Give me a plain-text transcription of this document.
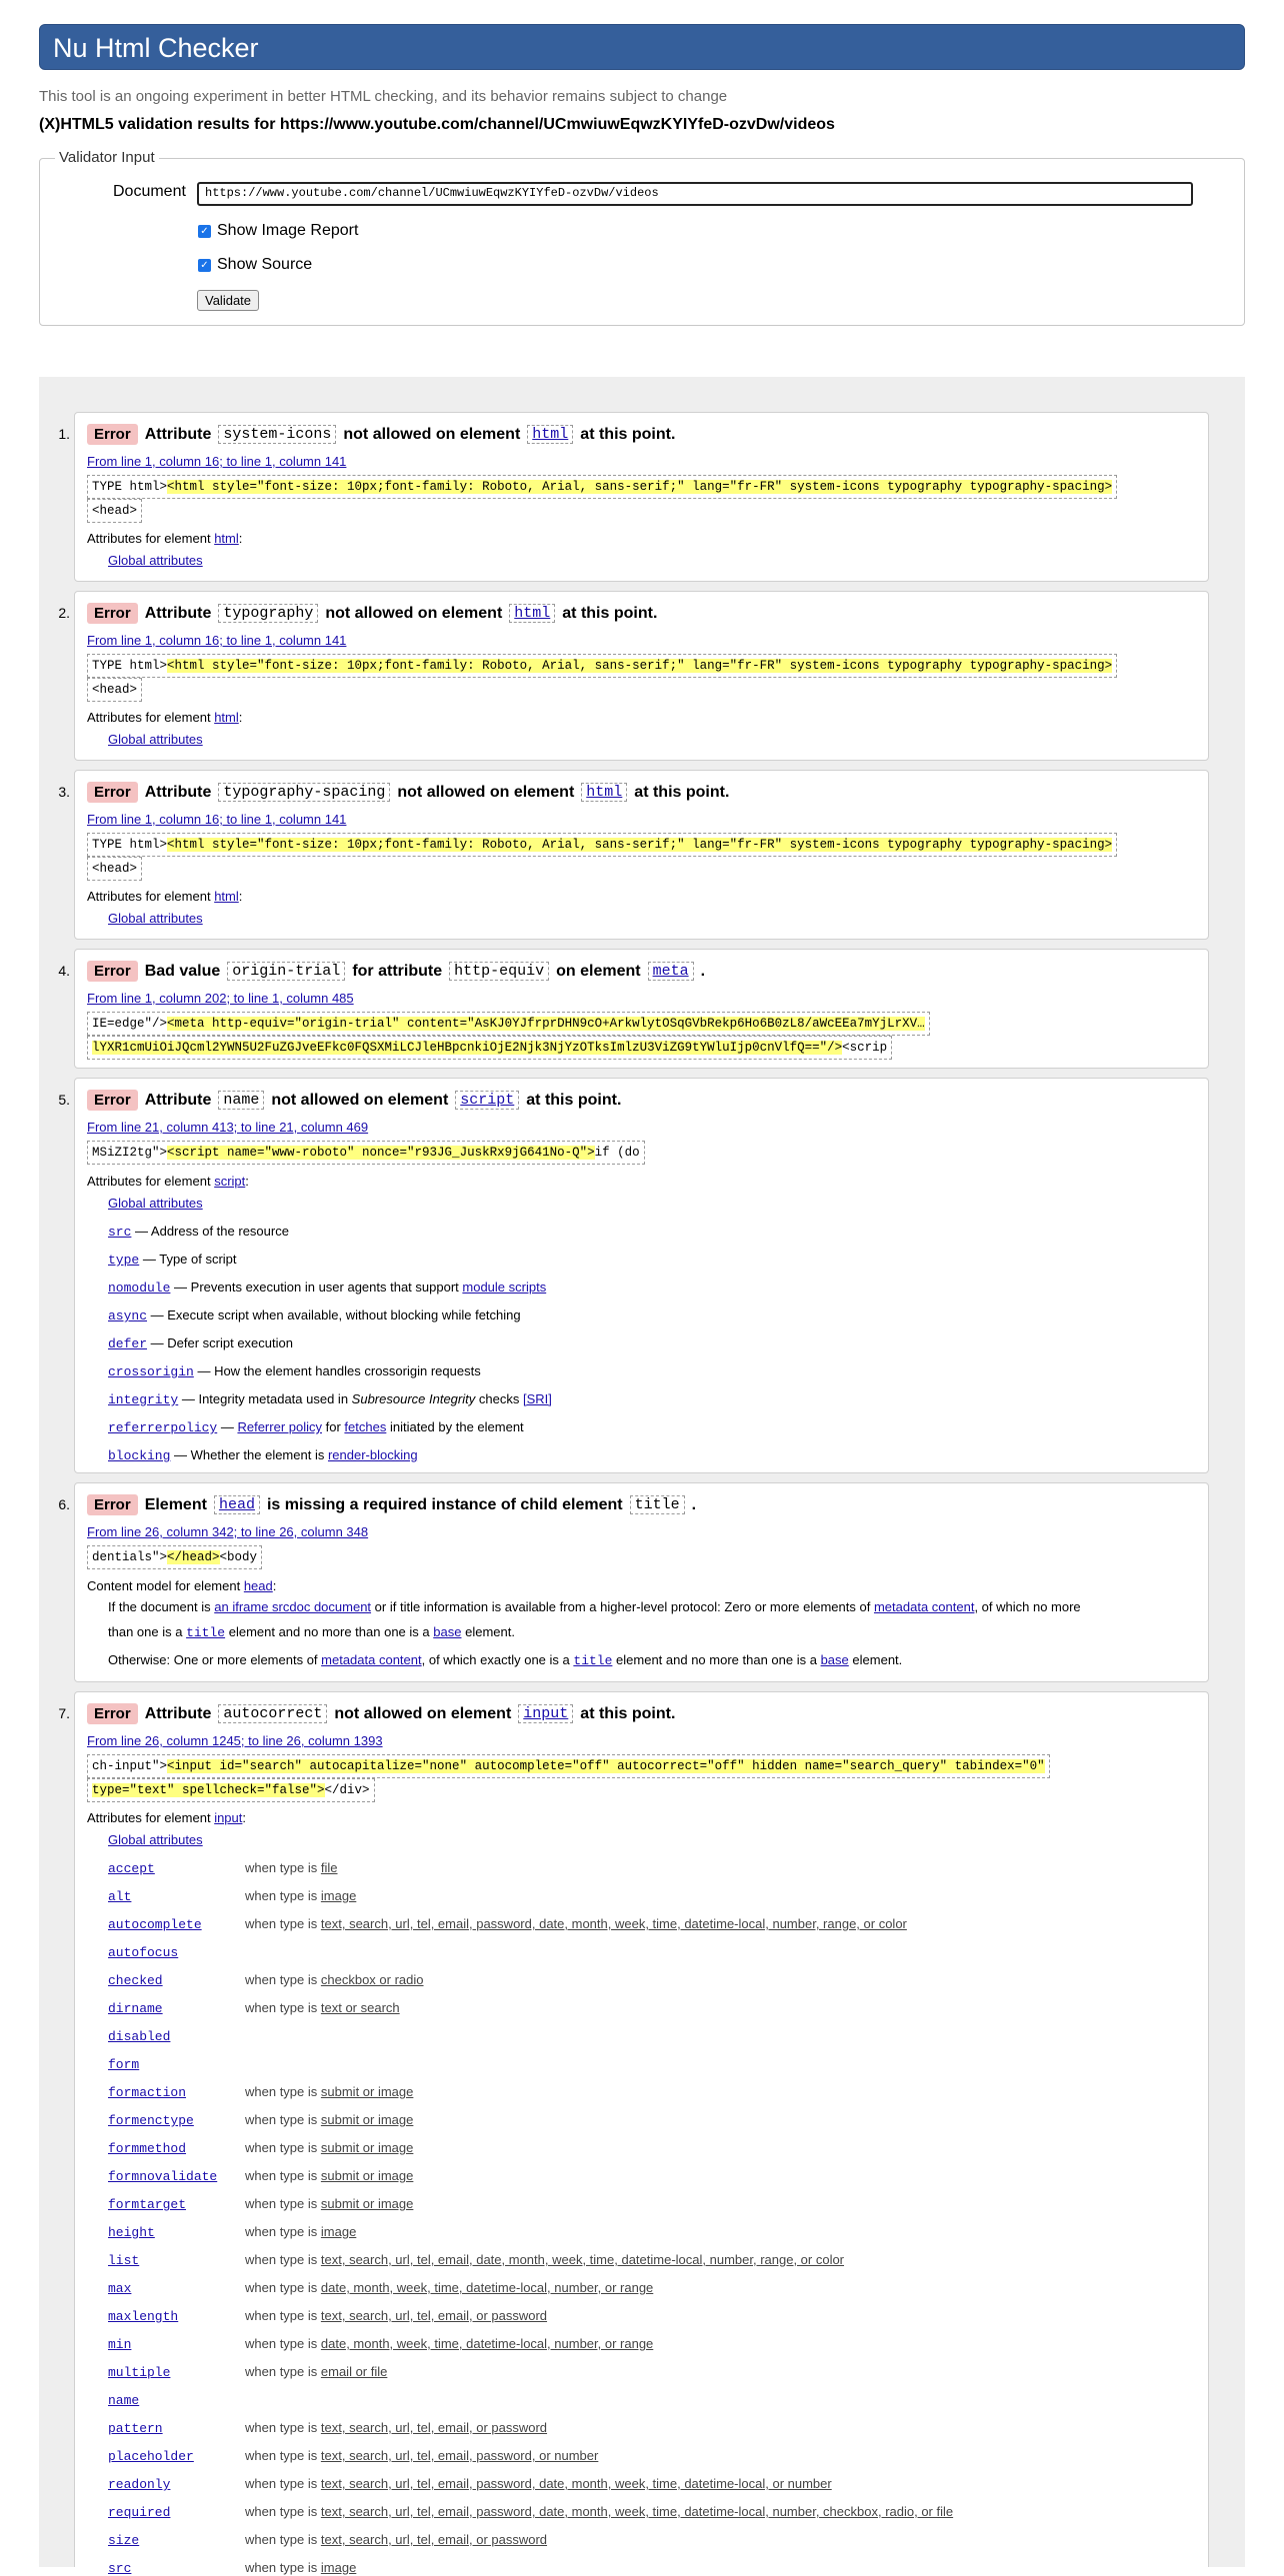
Nu Html Checker
This tool is an ongoing experiment in better HTML checking, and its behavior remains subject to change
(X)HTML5 validation results for https://www.youtube.com/channel/UCmwiuwEqwzKYIYfeD-ozvDw/videos
Validator Input
Document	https://www.youtube.com/channel/UCmwiuwEqwzKYIYfeD-ozvDw/videos
✓ Show Image Report
✓ Show Source
Validate
1.	Error Attribute system-icons not allowed on element html at this point.
From line 1, column 16; to line 1, column 141
TYPE html><html style="font-size: 10px;font-family: Roboto, Arial, sans-serif;" lang="fr-FR" system-icons typography typography-spacing>
<head>
Attributes for element html:
Global attributes
2.	Error Attribute typography not allowed on element html at this point.
From line 1, column 16; to line 1, column 141
TYPE html><html style="font-size: 10px;font-family: Roboto, Arial, sans-serif;" lang="fr-FR" system-icons typography typography-spacing>
<head>
Attributes for element html:
Global attributes
3.	Error Attribute typography-spacing not allowed on element html at this point.
From line 1, column 16; to line 1, column 141
TYPE html><html style="font-size: 10px;font-family: Roboto, Arial, sans-serif;" lang="fr-FR" system-icons typography typography-spacing>
<head>
Attributes for element html:
Global attributes
4.	Error Bad value origin-trial for attribute http-equiv on element meta .
From line 1, column 202; to line 1, column 485
IE=edge"/><meta http-equiv="origin-trial" content="AsKJ0YJfrprDHN9cO+ArkwlytOSqGVbRekp6Ho6B0zL8/aWcEEa7mYjLrXV…
lYXR1cmUiOiJQcml2YWN5U2FuZGJveEFkc0FQSXMiLCJleHBpcnkiOjE2Njk3NjYzOTksImlzU3ViZG9tYWluIjp0cnVlfQ=="/><scrip
5.	Error Attribute name not allowed on element script at this point.
From line 21, column 413; to line 21, column 469
MSiZI2tg"><script name="www-roboto" nonce="r93JG_JuskRx9jG641No-Q">if (do
Attributes for element script:
Global attributes
src — Address of the resource
type — Type of script
nomodule — Prevents execution in user agents that support module scripts
async — Execute script when available, without blocking while fetching
defer — Defer script execution
crossorigin — How the element handles crossorigin requests
integrity — Integrity metadata used in Subresource Integrity checks [SRI]
referrerpolicy — Referrer policy for fetches initiated by the element
blocking — Whether the element is render-blocking
6.	Error Element head is missing a required instance of child element title .
From line 26, column 342; to line 26, column 348
dentials"></head><body
Content model for element head:
If the document is an iframe srcdoc document or if title information is available from a higher-level protocol: Zero or more elements of metadata content, of which no more
than one is a title element and no more than one is a base element.
Otherwise: One or more elements of metadata content, of which exactly one is a title element and no more than one is a base element.
7.	Error Attribute autocorrect not allowed on element input at this point.
From line 26, column 1245; to line 26, column 1393
ch-input"><input id="search" autocapitalize="none" autocomplete="off" autocorrect="off" hidden name="search_query" tabindex="0"
type="text" spellcheck="false"></div>
Attributes for element input:
Global attributes
accept	when type is file
alt	when type is image
autocomplete	when type is text, search, url, tel, email, password, date, month, week, time, datetime-local, number, range, or color
autofocus
checked	when type is checkbox or radio
dirname	when type is text or search
disabled
form
formaction	when type is submit or image
formenctype	when type is submit or image
formmethod	when type is submit or image
formnovalidate when type is submit or image
formtarget	when type is submit or image
height	when type is image
list	when type is text, search, url, tel, email, date, month, week, time, datetime-local, number, range, or color
max	when type is date, month, week, time, datetime-local, number, or range
maxlength	when type is text, search, url, tel, email, or password
min	when type is date, month, week, time, datetime-local, number, or range
multiple	when type is email or file
name
pattern	when type is text, search, url, tel, email, or password
placeholder	when type is text, search, url, tel, email, password, or number
readonly	when type is text, search, url, tel, email, password, date, month, week, time, datetime-local, or number
required	when type is text, search, url, tel, email, password, date, month, week, time, datetime-local, number, checkbox, radio, or file
size	when type is text, search, url, tel, email, or password
src	when type is image
